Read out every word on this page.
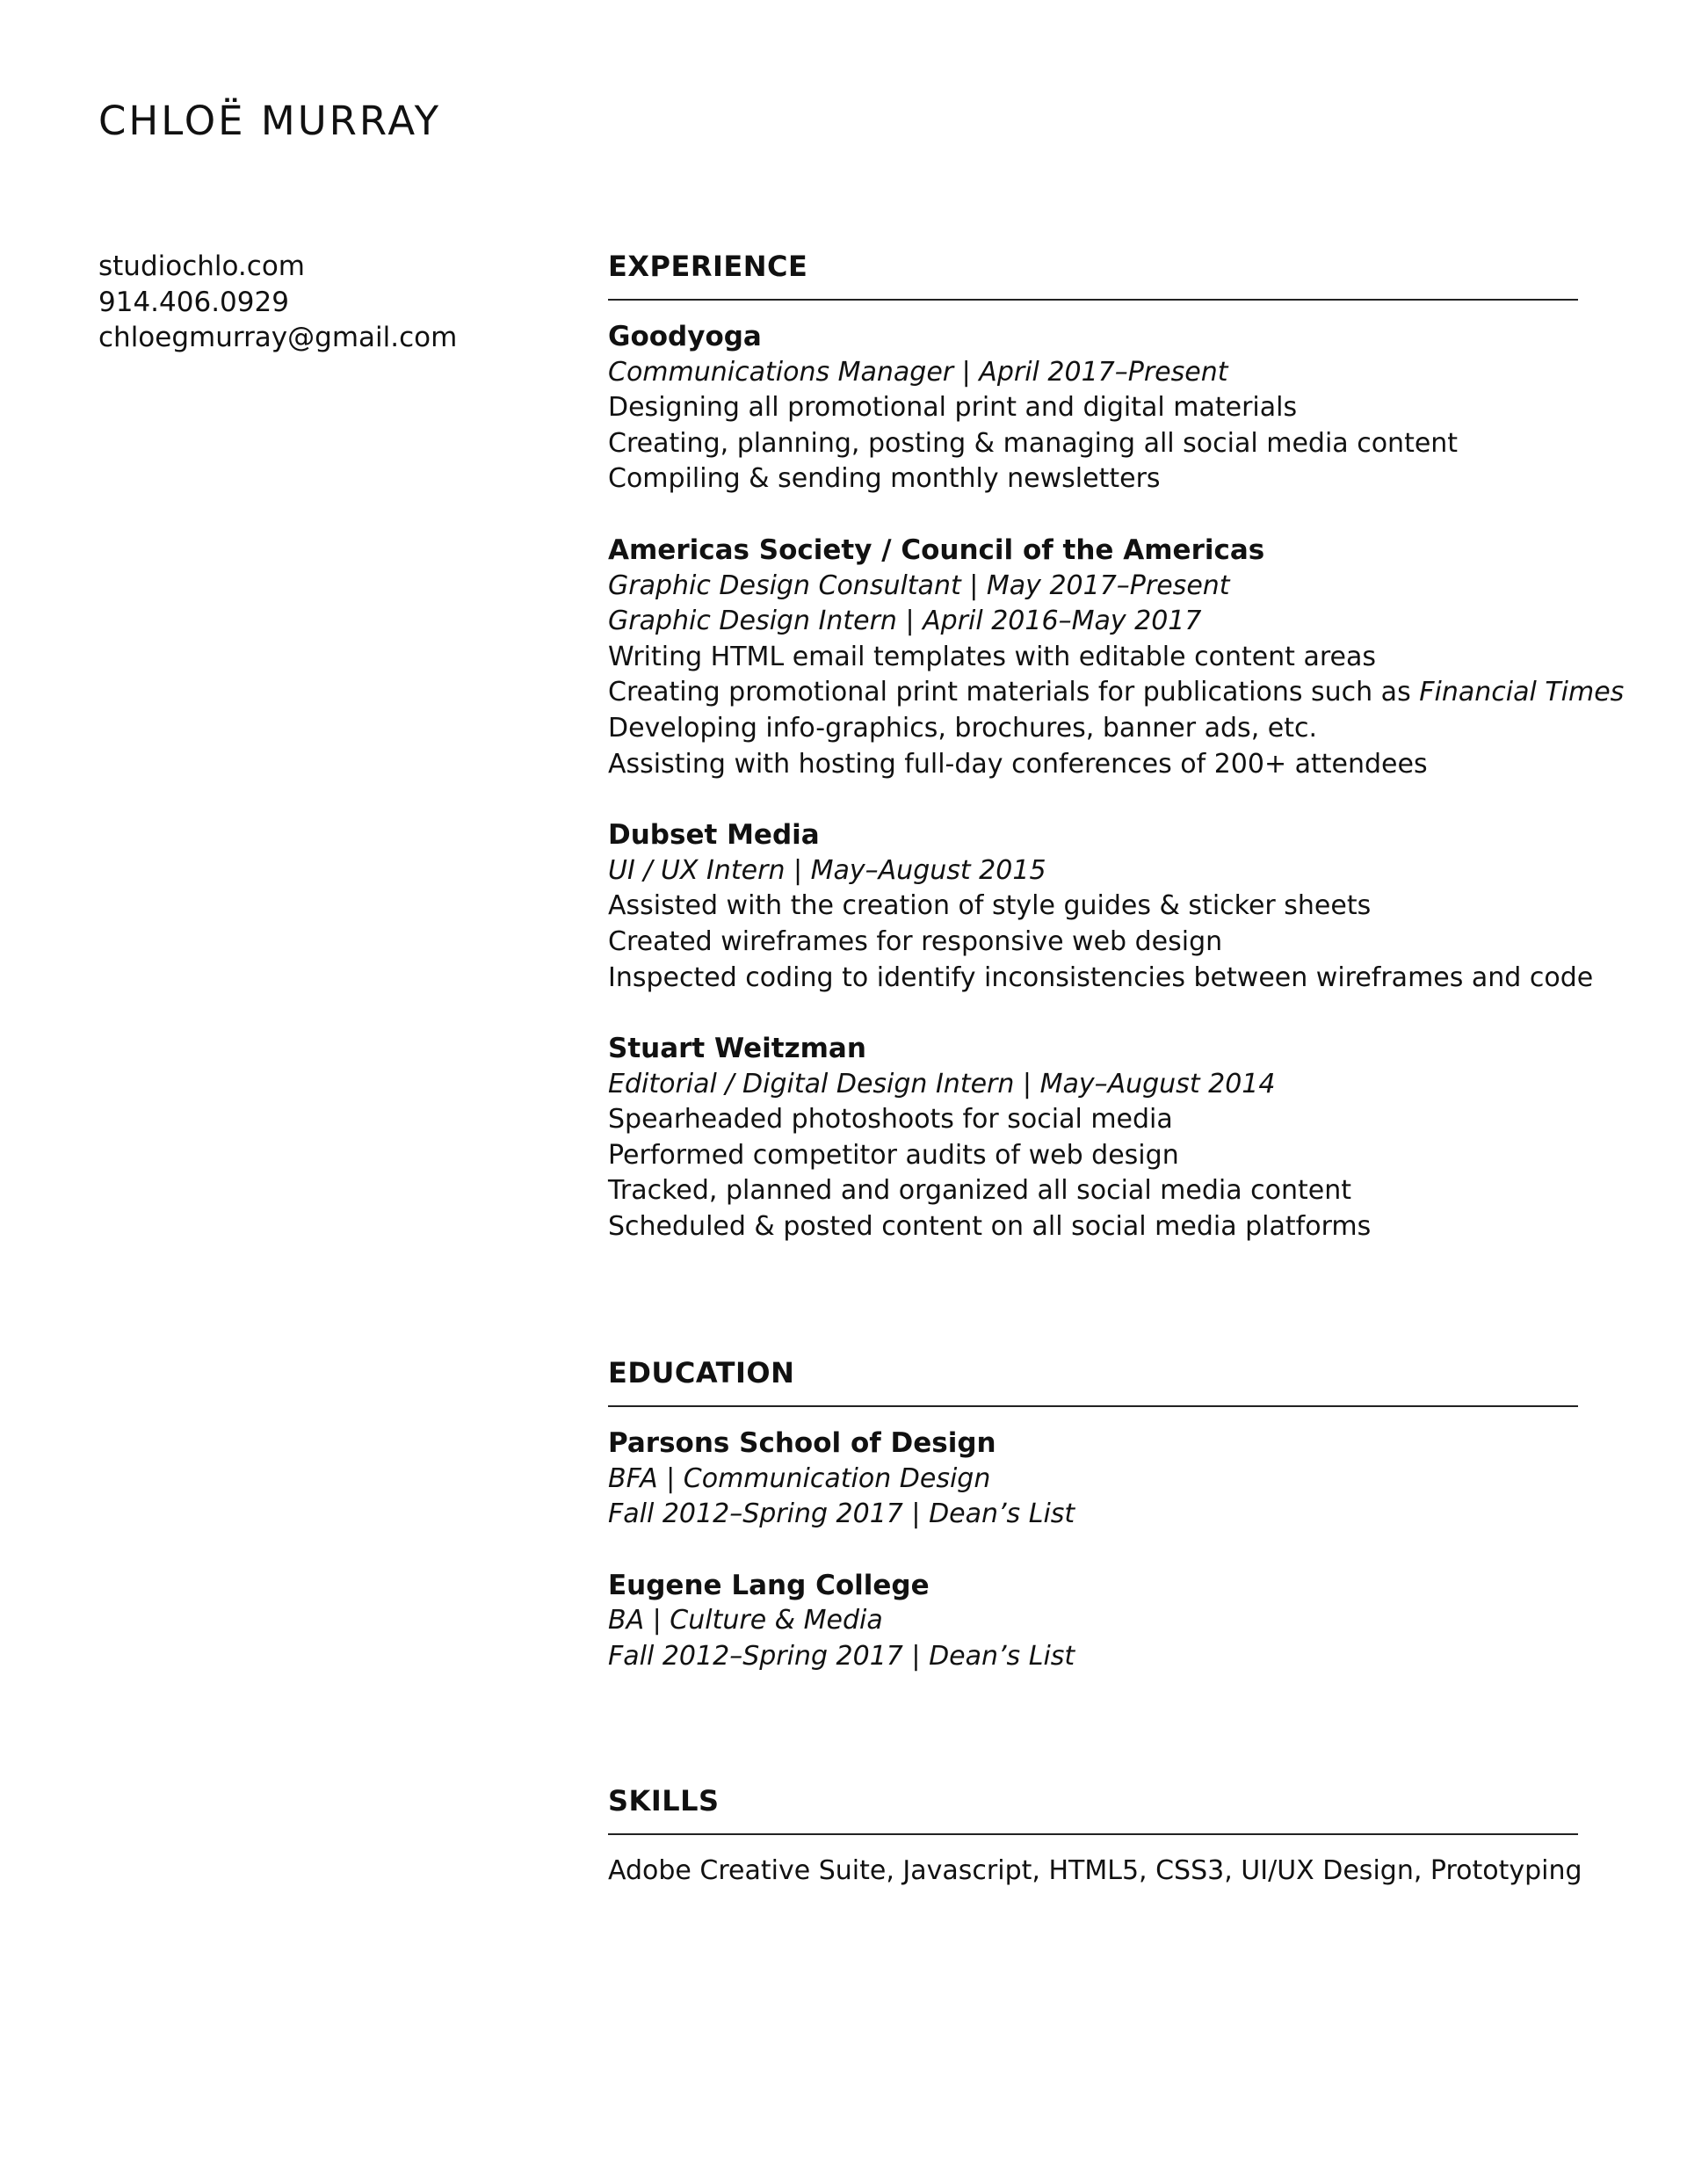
CHLOË MURRAY
studiochlo.com
914.406.0929
chloegmurray@gmail.com
EXPERIENCE
Goodyoga
Communications Manager | April 2017–Present
Designing all promotional print and digital materials
Creating, planning, posting & managing all social media content
Compiling & sending monthly newsletters
Americas Society / Council of the Americas
Graphic Design Consultant | May 2017–Present
Graphic Design Intern | April 2016–May 2017
Writing HTML email templates with editable content areas
Creating promotional print materials for publications such as Financial Times
Developing info-graphics, brochures, banner ads, etc.
Assisting with hosting full-day conferences of 200+ attendees
Dubset Media
UI / UX Intern | May–August 2015
Assisted with the creation of style guides & sticker sheets
Created wireframes for responsive web design
Inspected coding to identify inconsistencies between wireframes and code
Stuart Weitzman
Editorial / Digital Design Intern | May–August 2014
Spearheaded photoshoots for social media
Performed competitor audits of web design
Tracked, planned and organized all social media content
Scheduled & posted content on all social media platforms
EDUCATION
Parsons School of Design
BFA | Communication Design
Fall 2012–Spring 2017 | Dean’s List
Eugene Lang College
BA | Culture & Media
Fall 2012–Spring 2017 | Dean’s List
SKILLS
Adobe Creative Suite, Javascript, HTML5, CSS3, UI/UX Design, Prototyping
